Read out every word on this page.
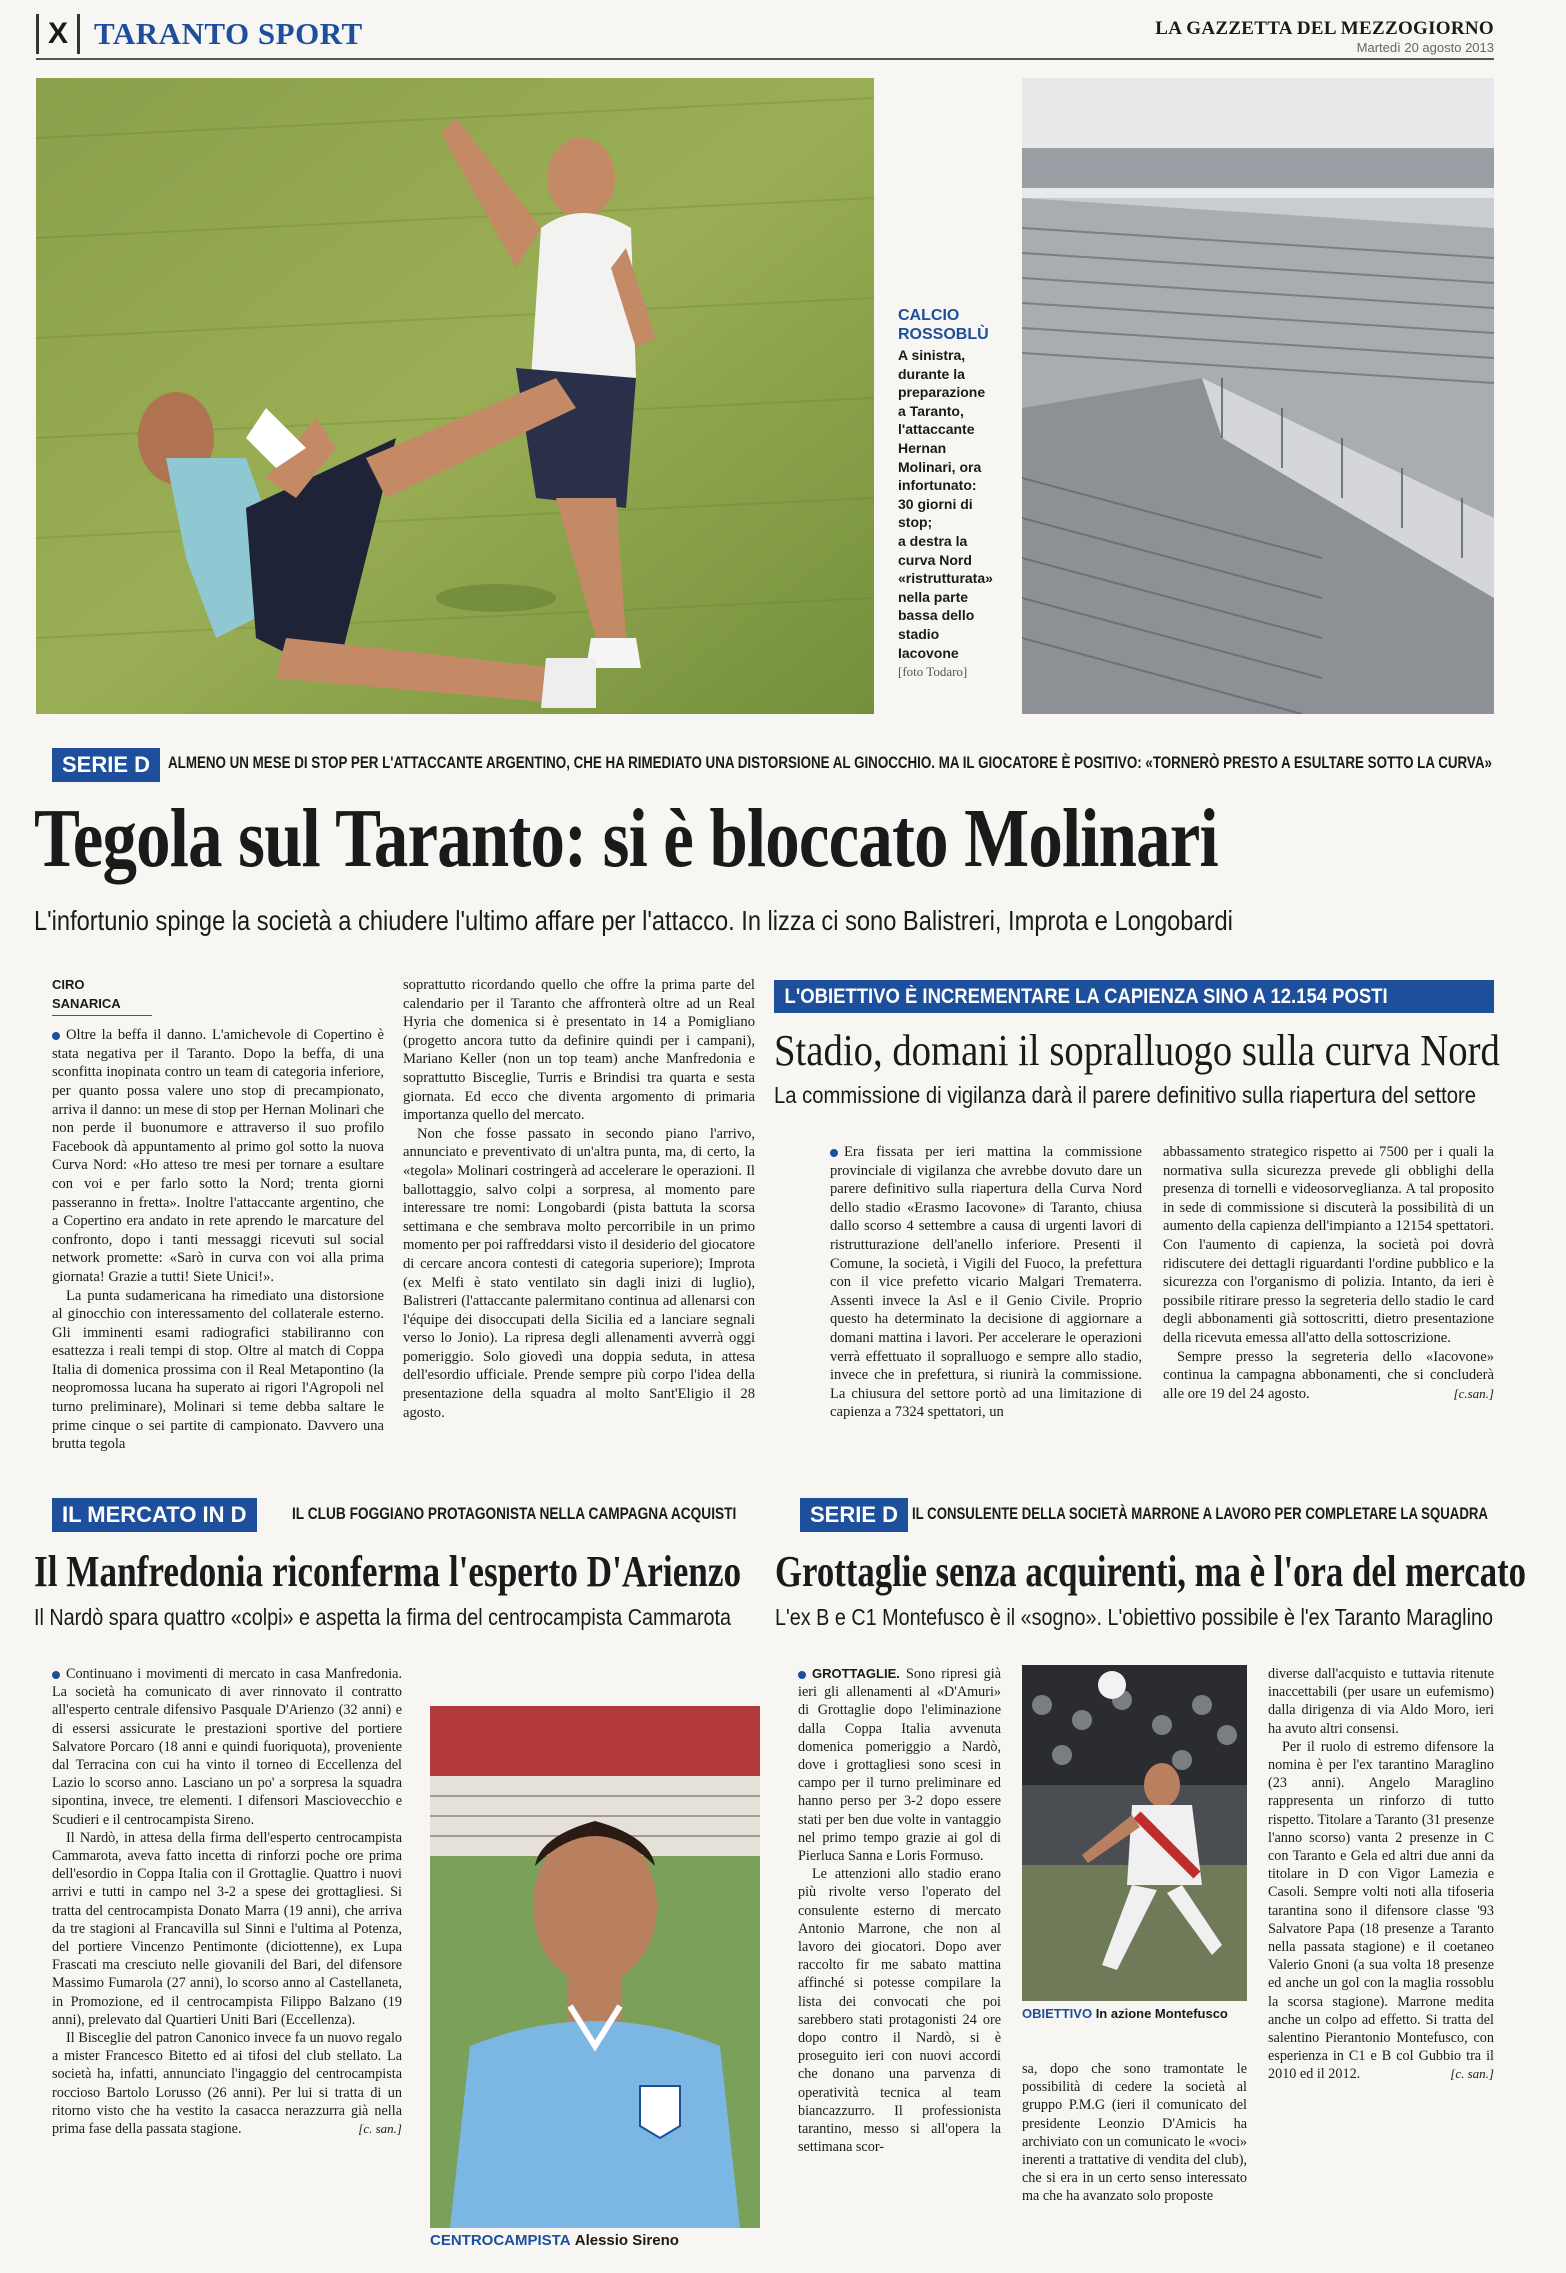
X TARANTO SPORT	LA GAZZETTA DEL MEZZOGIORNO
Martedì 20 agosto 2013
CALCIO ROSSOBLÙ
A sinistra,
durante la
preparazione
a Taranto,
l'attaccante
Hernan
Molinari, ora
infortunato:
30 giorni di
stop;
a destra la
curva Nord
«ristrutturata»
nella parte
bassa dello
stadio
Iacovone
[foto Todaro]
SERIE D	ALMENO UN MESE DI STOP PER L'ATTACCANTE ARGENTINO, CHE HA RIMEDIATO UNA DISTORSIONE AL GINOCCHIO. MA IL GIOCATORE È POSITIVO: «TORNERÒ PRESTO A ESULTARE SOTTO LA CURVA»
Tegola sul Taranto: si è bloccato Molinari
L'infortunio spinge la società a chiudere l'ultimo affare per l'attacco. In lizza ci sono Balistreri, Improta e Longobardi
CIRO SANARICA

Oltre la beffa il danno. L'amichevole di Copertino è stata negativa per il Taranto. Dopo la beffa, di una sconfitta inopinata contro un team di categoria inferiore, per quanto possa valere uno stop di precampionato, arriva il danno: un mese di stop per Hernan Molinari che non perde il buonumore e attraverso il suo profilo Facebook dà appuntamento al primo gol sotto la nuova Curva Nord: «Ho atteso tre mesi per tornare a esultare con voi e per farlo sotto la Nord; trenta giorni passeranno in fretta». Inoltre l'attaccante argentino, che a Copertino era andato in rete aprendo le marcature del confronto, dopo i tanti messaggi ricevuti sul social network promette: «Sarò in curva con voi alla prima giornata! Grazie a tutti! Siete Unici!».

La punta sudamericana ha rimediato una distorsione al ginocchio con interessamento del collaterale esterno. Gli imminenti esami radiografici stabiliranno con esattezza i reali tempi di stop. Oltre al match di Coppa Italia di domenica prossima con il Real Metapontino (la neopromossa lucana ha superato ai rigori l'Agropoli nel turno preliminare), Molinari si teme debba saltare le prime cinque o sei partite di campionato. Davvero una brutta tegola

soprattutto ricordando quello che offre la prima parte del calendario per il Taranto che affronterà oltre ad un Real Hyria che domenica si è presentato in 14 a Pomigliano (progetto ancora tutto da definire quindi per i campani), Mariano Keller (non un top team) anche Manfredonia e soprattutto Bisceglie, Turris e Brindisi tra quarta e sesta giornata. Ed ecco che diventa argomento di primaria importanza quello del mercato.

Non che fosse passato in secondo piano l'arrivo, annunciato e preventivato di un'altra punta, ma, di certo, la «tegola» Molinari costringerà ad accelerare le operazioni. Il ballottaggio, salvo colpi a sorpresa, al momento pare interessare tre nomi: Longobardi (pista battuta la scorsa settimana e che sembrava molto percorribile in un primo momento per poi raffreddarsi visto il desiderio del giocatore di cercare ancora contesti di categoria superiore); Improta (ex Melfi è stato ventilato sin dagli inizi di luglio), Balistreri (l'attaccante palermitano continua ad allenarsi con l'équipe dei disoccupati della Sicilia ed a lanciare segnali verso lo Jonio). La ripresa degli allenamenti avverrà oggi pomeriggio. Solo giovedì una doppia seduta, in attesa dell'esordio ufficiale. Prende sempre più corpo l'idea della presentazione della squadra al molto Sant'Eligio il 28 agosto.

L'OBIETTIVO È INCREMENTARE LA CAPIENZA SINO A 12.154 POSTI
Stadio, domani il sopralluogo sulla curva Nord
La commissione di vigilanza darà il parere definitivo sulla riapertura del settore

Era fissata per ieri mattina la commissione provinciale di vigilanza che avrebbe dovuto dare un parere definitivo sulla riapertura della Curva Nord dello stadio «Erasmo Iacovone» di Taranto, chiusa dallo scorso 4 settembre a causa di urgenti lavori di ristrutturazione dell'anello inferiore. Presenti il Comune, la società, i Vigili del Fuoco, la prefettura con il vice prefetto vicario Malgari Trematerra. Assenti invece la Asl e il Genio Civile. Proprio questo ha determinato la decisione di aggiornare a domani mattina i lavori. Per accelerare le operazioni verrà effettuato il sopralluogo e sempre allo stadio, invece che in prefettura, si riunirà la commissione. La chiusura del settore portò ad una limitazione di capienza a 7324 spettatori, un

abbassamento strategico rispetto ai 7500 per i quali la normativa sulla sicurezza prevede gli obblighi della presenza di tornelli e videosorveglianza. A tal proposito in sede di commissione si discuterà la possibilità di un aumento della capienza dell'impianto a 12154 spettatori. Con l'aumento di capienza, la società poi dovrà ridiscutere dei dettagli riguardanti l'ordine pubblico e la sicurezza con l'organismo di polizia. Intanto, da ieri è possibile ritirare presso la segreteria dello stadio le card degli abbonamenti già sottoscritti, dietro presentazione della ricevuta emessa all'atto della sottoscrizione.

Sempre presso la segreteria dello «Iacovone» continua la campagna abbonamenti, che si concluderà alle ore 19 del 24 agosto.	[c.san.]

IL MERCATO IN D	IL CLUB FOGGIANO PROTAGONISTA NELLA CAMPAGNA ACQUISTI
Il Manfredonia riconferma l'esperto D'Arienzo
Il Nardò spara quattro «colpi» e aspetta la firma del centrocampista Cammarota

Continuano i movimenti di mercato in casa Manfredonia. La società ha comunicato di aver rinnovato il contratto all'esperto centrale difensivo Pasquale D'Arienzo (32 anni) e di essersi assicurate le prestazioni sportive del portiere Salvatore Porcaro (18 anni e quindi fuoriquota), proveniente dal Terracina con cui ha vinto il torneo di Eccellenza del Lazio lo scorso anno. Lasciano un po' a sorpresa la squadra sipontina, invece, tre elementi. I difensori Masciovecchio e Scudieri e il centrocampista Sireno.

Il Nardò, in attesa della firma dell'esperto centrocampista Cammarota, aveva fatto incetta di rinforzi poche ore prima dell'esordio in Coppa Italia con il Grottaglie. Quattro i nuovi arrivi e tutti in campo nel 3-2 a spese dei grottagliesi. Si tratta del centrocampista Donato Marra (19 anni), che arriva da tre stagioni al Francavilla sul Sinni e l'ultima al Potenza, del portiere Vincenzo Pentimonte (diciottenne), ex Lupa Frascati ma cresciuto nelle giovanili del Bari, del difensore Massimo Fumarola (27 anni), lo scorso anno al Castellaneta, in Promozione, ed il centrocampista Filippo Balzano (19 anni), prelevato dal Quartieri Uniti Bari (Eccellenza).

Il Bisceglie del patron Canonico invece fa un nuovo regalo a mister Francesco Bitetto ed ai tifosi del club stellato. La società ha, infatti, annunciato l'ingaggio del centrocampista roccioso Bartolo Lorusso (26 anni). Per lui si tratta di un ritorno visto che ha vestito la casacca nerazzurra già nella prima fase della passata stagione.	[c. san.]

CENTROCAMPISTA Alessio Sireno
SERIE D IL CONSULENTE DELLA SOCIETÀ MARRONE A LAVORO PER COMPLETARE LA SQUADRA
Grottaglie senza acquirenti, ma è l'ora del mercato
L'ex B e C1 Montefusco è il «sogno». L'obiettivo possibile è l'ex Taranto Maraglino

GROTTAGLIE. Sono ripresi già ieri gli allenamenti al «D'Amuri» di Grottaglie dopo l'eliminazione dalla Coppa Italia avvenuta domenica pomeriggio a Nardò, dove i grottagliesi sono scesi in campo per il turno preliminare ed hanno perso per 3-2 dopo essere stati per ben due volte in vantaggio nel primo tempo grazie ai gol di Pierluca Sanna e Loris Formuso.

Le attenzioni allo stadio erano più rivolte verso l'operato del consulente esterno di mercato Antonio Marrone, che non al lavoro dei giocatori. Dopo aver raccolto fir me sabato mattina affinché si potesse compilare la lista dei convocati che poi sarebbero stati protagonisti 24 ore dopo contro il Nardò, si è proseguito ieri con nuovi accordi che donano una parvenza di operatività tecnica al team biancazzurro. Il professionista tarantino, messo si all'opera la settimana scor-

OBIETTIVO In azione Montefusco

sa, dopo che sono tramontate le possibilità di cedere la società al gruppo P.M.G (ieri il comunicato del presidente Leonzio D'Amicis ha archiviato con un comunicato le «voci» inerenti a trattative di vendita del club), che si era in un certo senso interessato ma che ha avanzato solo proposte

diverse dall'acquisto e tuttavia ritenute inaccettabili (per usare un eufemismo) dalla dirigenza di via Aldo Moro, ieri ha avuto altri consensi.

Per il ruolo di estremo difensore la nomina è per l'ex tarantino Maraglino (23 anni). Angelo Maraglino rappresenta un rinforzo di tutto rispetto. Titolare a Taranto (31 presenze l'anno scorso) vanta 2 presenze in C con Taranto e Gela ed altri due anni da titolare in D con Vigor Lamezia e Casoli. Sempre volti noti alla tifoseria tarantina sono il difensore classe '93 Salvatore Papa (18 presenze a Taranto nella passata stagione) e il coetaneo Valerio Gnoni (a sua volta 18 presenze ed anche un gol con la maglia rossoblu la scorsa stagione). Marrone medita anche un colpo ad effetto. Si tratta del salentino Pierantonio Montefusco, con esperienza in C1 e B col Gubbio tra il 2010 ed il 2012.	[c. san.]
